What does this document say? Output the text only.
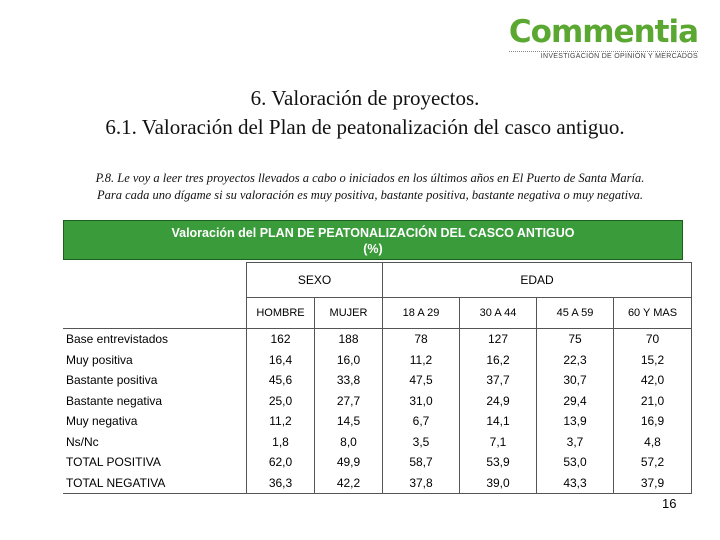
Commentia
INVESTIGACIÓN DE OPINIÓN Y MERCADOS
6. Valoración de proyectos.
6.1. Valoración del Plan de peatonalización del casco antiguo.
P.8. Le voy a leer tres proyectos llevados a cabo o iniciados en los últimos años en El Puerto de Santa María.
Para cada uno dígame si su valoración es muy positiva, bastante positiva, bastante negativa o muy negativa.
Valoración del PLAN DE PEATONALIZACIÓN DEL CASCO ANTIGUO
(%)
	SEXO		EDAD			
	HOMBRE	MUJER	18 A 29	30 A 44	45 A 59	60 Y MAS
Base entrevistados	162	188	78	127	75	70
Muy positiva	16,4	16,0	11,2	16,2	22,3	15,2
Bastante positiva	45,6	33,8	47,5	37,7	30,7	42,0
Bastante negativa	25,0	27,7	31,0	24,9	29,4	21,0
Muy negativa	11,2	14,5	6,7	14,1	13,9	16,9
Ns/Nc	1,8	8,0	3,5	7,1	3,7	4,8
TOTAL POSITIVA	62,0	49,9	58,7	53,9	53,0	57,2
TOTAL NEGATIVA	36,3	42,2	37,8	39,0	43,3	37,9
16
